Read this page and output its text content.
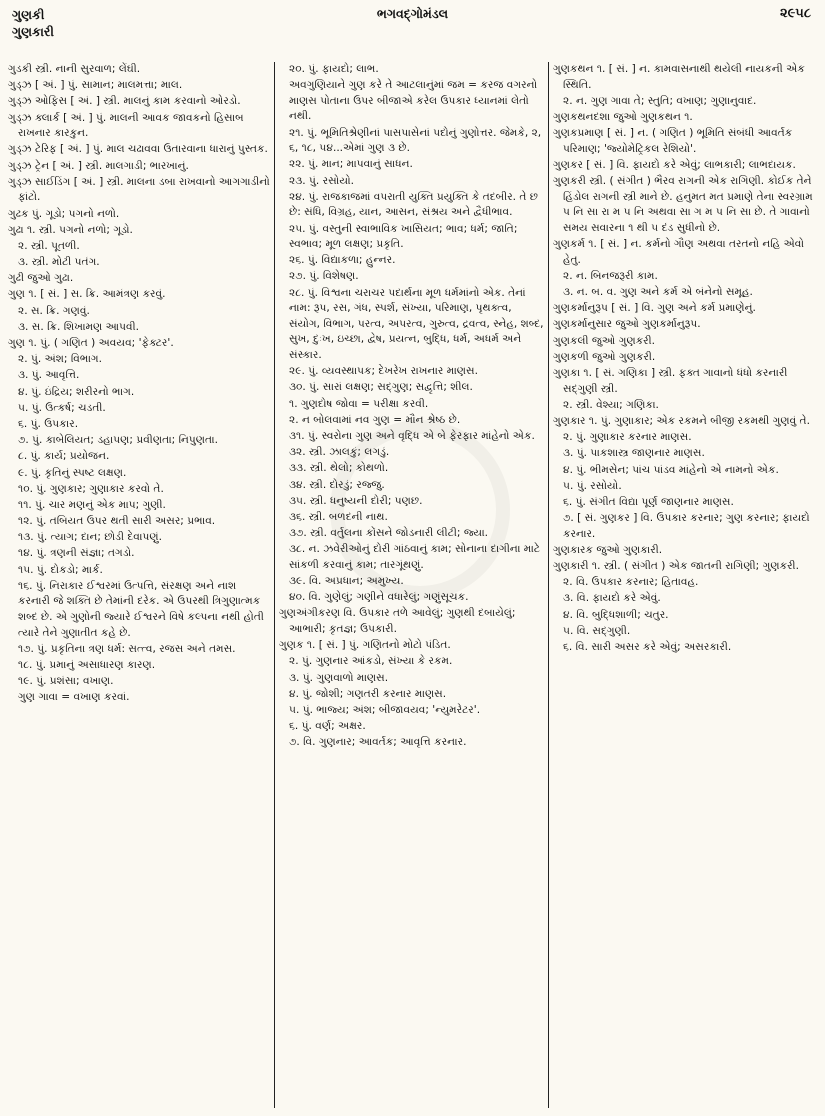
ગુણકી
ગુણકારી
ભગવદ્ગોમંડલ	૨૯૫૮
ગુડકી સ્ત્રી. નાની સુરવાળ; લેંઘી.
ગુડ્ઝ [ અં. ] પું. સામાન; માલમત્તા; માલ.
ગુડ્ઝ ઓફિસ [ અં. ] સ્ત્રી. માલનું કામ કરવાનો ઓરડો.
ગુડ્ઝ ક્લાર્ક [ અં. ] પું. માલની આવક જાવકનો હિસાબ રાખનાર કારકુન.
ગુડ્ઝ ટેરિફ [ અં. ] પું. માલ ચઢાવવા ઉતારવાના ધારાનું પુસ્તક.
ગુડ્ઝ ટ્રેન [ અં. ] સ્ત્રી. માલગાડી; ભારખાનું.
ગુડ્ઝ સાઈડિંગ [ અં. ] સ્ત્રી. માલના ડબા રાખવાનો આગગાડીનો ફાંટો.
ગુઢક પું. ગૂડો; પગનો નળો.
ગુઢા ૧. સ્ત્રી. પગનો નળો; ગૂડો.
૨. સ્ત્રી. પૂતળી.
૩. સ્ત્રી. મોટી પતંગ.
ગુઢી જુઓ ગુઢા.
ગુણ ૧. [ સં. ] સ. ક્રિ. આમંત્રણ કરવું.
૨. સ. ક્રિ. ગણવું.
૩. સ. ક્રિ. શિખામણ આપવી.
ગુણ ૧. પું. ( ગણિત ) અવયવ; 'ફેક્ટર'.
૨. પું. અંશ; વિભાગ.
૩. પું. આવૃત્તિ.
૪. પું. ઇંદ્રિય; શરીરનો ભાગ.
૫. પું. ઉત્કર્ષ; ચડતી.
૬. પું. ઉપકાર.
૭. પું. કાબેલિયત; ડહાપણ; પ્રવીણતા; નિપુણતા.
૮. પું. કાર્ય; પ્રયોજન.
૯. પું. કૃતિનું સ્પષ્ટ લક્ષણ.
૧૦. પું. ગુણકાર; ગુણાકાર કરવો તે.
૧૧. પું. ચાર મણનું એક માપ; ગુણી.
૧૨. પું. તબિયત ઉપર થતી સારી અસર; પ્રભાવ.
૧૩. પું. ત્યાગ; દાન; છોડી દેવાપણું.
૧૪. પું. ત્રણની સંજ્ઞા; તગડો.
૧૫. પું. દોકડો; માર્ક.
૧૬. પું. નિરાકાર ઈશ્વરમાં ઉત્પત્તિ, સંરક્ષણ અને નાશ કરનારી જે શક્તિ છે તેમાંની દરેક. એ ઉપરથી ત્રિગુણાત્મક શબ્દ છે. એ ગુણોની જ્યારે ઈશ્વરને વિષે કલ્પના નથી હોતી ત્યારે તેને ગુણાતીત કહે છે.
૧૭. પું. પ્રકૃતિના ત્રણ ધર્મ: સત્ત્વ, રજસ અને તમસ.
૧૮. પું. પ્રમાનું અસાધારણ કારણ.
૧૯. પું. પ્રશંસા; વખાણ.
ગુણ ગાવા = વખાણ કરવાં.
૨૦. પું. ફાયદો; લાભ.
અવગુણિયાને ગુણ કરે તે આટલાનુંમાં જમ = કરજ વગરનો માણસ પોતાના ઉપર બીજાએ કરેલ ઉપકાર ધ્યાનમાં લેતો નથી.
૨૧. પું. ભૂમિતિશ્રેણીનાં પાસપાસેનાં પદોનું ગુણોત્તર. જેમકે, ૨, ૬, ૧૮, ૫૪...એમાં ગુણ ૩ છે.
૨૨. પું. માન; માપવાનું સાધન.
૨૩. પું. રસોયો.
૨૪. પું. રાજકાજમાં વપરાતી યુક્તિ પ્રયુક્તિ કે તદબીર. તે છ છે: સંધિ, વિગ્રહ, યાન, આસન, સંશ્રય અને દ્વૈધીભાવ.
૨૫. પું. વસ્તુની સ્વાભાવિક ખાસિયત; ભાવ; ધર્મ; જાતિ; સ્વભાવ; મૂળ લક્ષણ; પ્રકૃતિ.
૨૬. પું. વિદ્યાકળા; હુન્નર.
૨૭. પું. વિશેષણ.
૨૮. પું. વિશ્વના ચરાચર પદાર્થના મૂળ ધર્મમાંનો એક. તેનાં નામ: રૂપ, રસ, ગંધ, સ્પર્શ, સંખ્યા, પરિમાણ, પૃથક્ત્વ, સંયોગ, વિભાગ, પરત્વ, અપરત્વ, ગુરુત્વ, દ્રવત્વ, સ્નેહ, શબ્દ, સુખ, દુઃખ, ઇચ્છા, દ્વેષ, પ્રયત્ન, બુદ્ધિ, ધર્મ, અધર્મ અને સંસ્કાર.
૨૯. પું. વ્યવસ્થાપક; દેખરેખ રાખનાર માણસ.
૩૦. પું. સારાં લક્ષણ; સદ્ગુણ; સદ્વૃત્તિ; શીલ.
૧. ગુણદોષ જોવા = પરીક્ષા કરવી.
૨. ન બોલવામાં નવ ગુણ = મૌન શ્રેષ્ઠ છે.
૩૧. પું. સ્વરોના ગુણ અને વૃદ્ધિ એ બે ફેરફાર માંહેનો એક.
૩૨. સ્ત્રી. ઝાલકું; લગડું.
૩૩. સ્ત્રી. થેલો; કોથળો.
૩૪. સ્ત્રી. દોરડું; રજ્જુ.
૩૫. સ્ત્રી. ધનુષ્યની દોરી; પણછ.
૩૬. સ્ત્રી. બળદની નાથ.
૩૭. સ્ત્રી. વર્તુલના કોંસને જોડનારી લીટી; જ્યા.
૩૮. ન. ઝવેરીઓનું દોરી ગાંઠવાનું કામ; સોનાના દાગીના માટે સાંકળી કરવાનું કામ; તારગૂંથણું.
૩૯. વિ. અપ્રધાન; અમુખ્ય.
૪૦. વિ. ગુણેલું; ગણીને વધારેલું; ગણુંસૂચક.
ગુણઅંગીકરણ વિ. ઉપકાર તળે આવેલું; ગુણથી દબાયેલું; આભારી; કૃતજ્ઞ; ઉપકારી.
ગુણક ૧. [ સં. ] પું. ગણિતનો મોટો પંડિત.
૨. પું. ગુણનાર આંકડો, સંખ્યા કે રકમ.
૩. પું. ગુણવાળો માણસ.
૪. પું. જોશી; ગણતરી કરનાર માણસ.
૫. પું. ભાજ્ય; અંશ; બીજાવયવ; 'ન્યુમરેટર'.
૬. પું. વર્ણ; અક્ષર.
૭. વિ. ગુણનાર; આવર્તક; આવૃત્તિ કરનાર.
ગુણકથન ૧. [ સં. ] ન. કામવાસનાથી થયેલી નાયકની એક સ્થિતિ.
૨. ન. ગુણ ગાવા તે; સ્તુતિ; વખાણ; ગુણાનુવાદ.
ગુણકથનદશા જુઓ ગુણકથન ૧.
ગુણકપ્રમાણ [ સં. ] ન. ( ગણિત ) ભૂમિતિ સંબંધી આવર્તક પરિમાણ; 'જ્યોમેટ્રિકલ રેશિયો'.
ગુણકર [ સં. ] વિ. ફાયદો કરે એવું; લાભકારી; લાભદાયક.
ગુણકરી સ્ત્રી. ( સંગીત ) ભૈરવ રાગની એક રાગિણી. કોઈક તેને હિંડોલ રાગની સ્ત્રી માને છે. હનુમત મત પ્રમાણે તેના સ્વરગ્રામ પ નિ સા રા મ પ નિ અથવા સા ગ મ પ નિ સા છે. તે ગાવાનો સમય સવારના ૧ થી ૫ દંડ સુધીનો છે.
ગુણકર્મ ૧. [ સં. ] ન. કર્મનો ગૌણ અથવા તરતનો નહિ એવો હેતુ.
૨. ન. બિનજરૂરી કામ.
૩. ન. બ. વ. ગુણ અને કર્મ એ બંનેનો સમૂહ.
ગુણકર્માનુરૂપ [ સં. ] વિ. ગુણ અને કર્મ પ્રમાણેનું.
ગુણકર્માનુસાર જુઓ ગુણકર્માનુરૂપ.
ગુણકલી જુઓ ગુણકરી.
ગુણકળી જુઓ ગુણકરી.
ગુણકા ૧. [ સં. ગણિકા ] સ્ત્રી. ફક્ત ગાવાનો ધંધો કરનારી સદ્ગુણી સ્ત્રી.
૨. સ્ત્રી. વેશ્યા; ગણિકા.
ગુણકાર ૧. પું. ગુણાકાર; એક રકમને બીજી રકમથી ગુણવું તે.
૨. પું. ગુણાકાર કરનાર માણસ.
૩. પું. પાકશાસ્ત્ર જાણનાર માણસ.
૪. પું. ભીમસેન; પાંચ પાંડવ માંહેનો એ નામનો એક.
૫. પું. રસોયો.
૬. પું. સંગીત વિદ્યા પૂર્ણ જાણનાર માણસ.
૭. [ સં. ગુણકર ] વિ. ઉપકાર કરનાર; ગુણ કરનાર; ફાયદો કરનાર.
ગુણકારક જુઓ ગુણકારી.
ગુણકારી ૧. સ્ત્રી. ( સંગીત ) એક જાતની રાગિણી; ગુણકરી.
૨. વિ. ઉપકાર કરનાર; હિતાવહ.
૩. વિ. ફાયદો કરે એવું.
૪. વિ. બુદ્ધિશાળી; ચતુર.
૫. વિ. સદ્ગુણી.
૬. વિ. સારી અસર કરે એવું; અસરકારી.
